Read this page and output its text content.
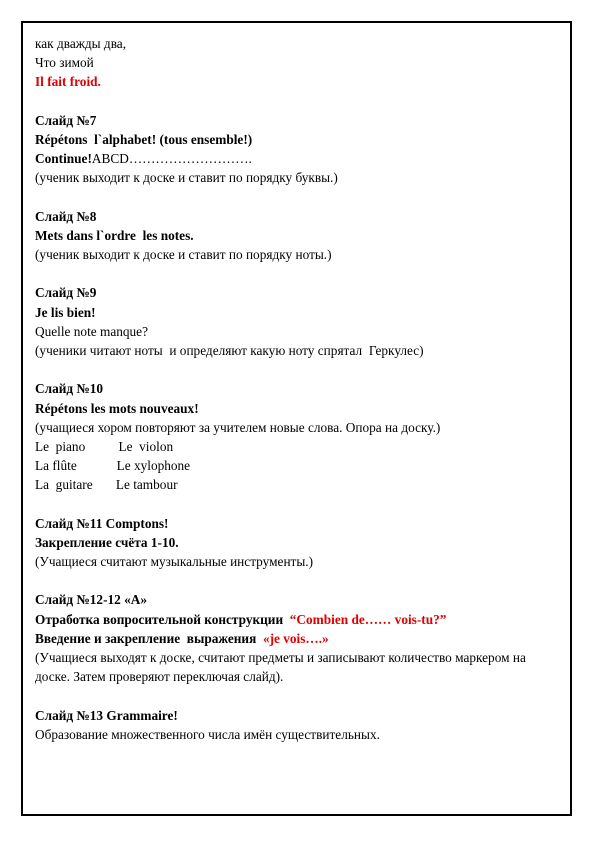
как дважды два,
Что зимой
Il fait froid.
Слайд №7
Répétons  l`alphabet! (tous ensemble!)
Continue!ABCD……………………….
(ученик выходит к доске и ставит по порядку буквы.)
Слайд №8
Mets dans l`ordre  les notes.
(ученик выходит к доске и ставит по порядку ноты.)
Слайд №9
Je lis bien!
Quelle note manque?
(ученики читают ноты  и определяют какую ноту спрятал  Геркулес)
Слайд №10
Répétons les mots nouveaux!
(учащиеся хором повторяют за учителем новые слова. Опора на доску.)
Le  piano          Le  violon
La flûte            Le xylophone
La  guitare       Le tambour
Слайд №11 Comptons!
Закрепление счёта 1-10.
(Учащиеся считают музыкальные инструменты.)
Слайд №12-12 «А»
Отработка вопросительной конструкции  “Combien de…… vois-tu?”
Введение и закрепление  выражения  «je vois….»
(Учащиеся выходят к доске, считают предметы и записывают количество маркером на доске. Затем проверяют переключая слайд).
Слайд №13 Grammaire!
Образование множественного числа имён существительных.
